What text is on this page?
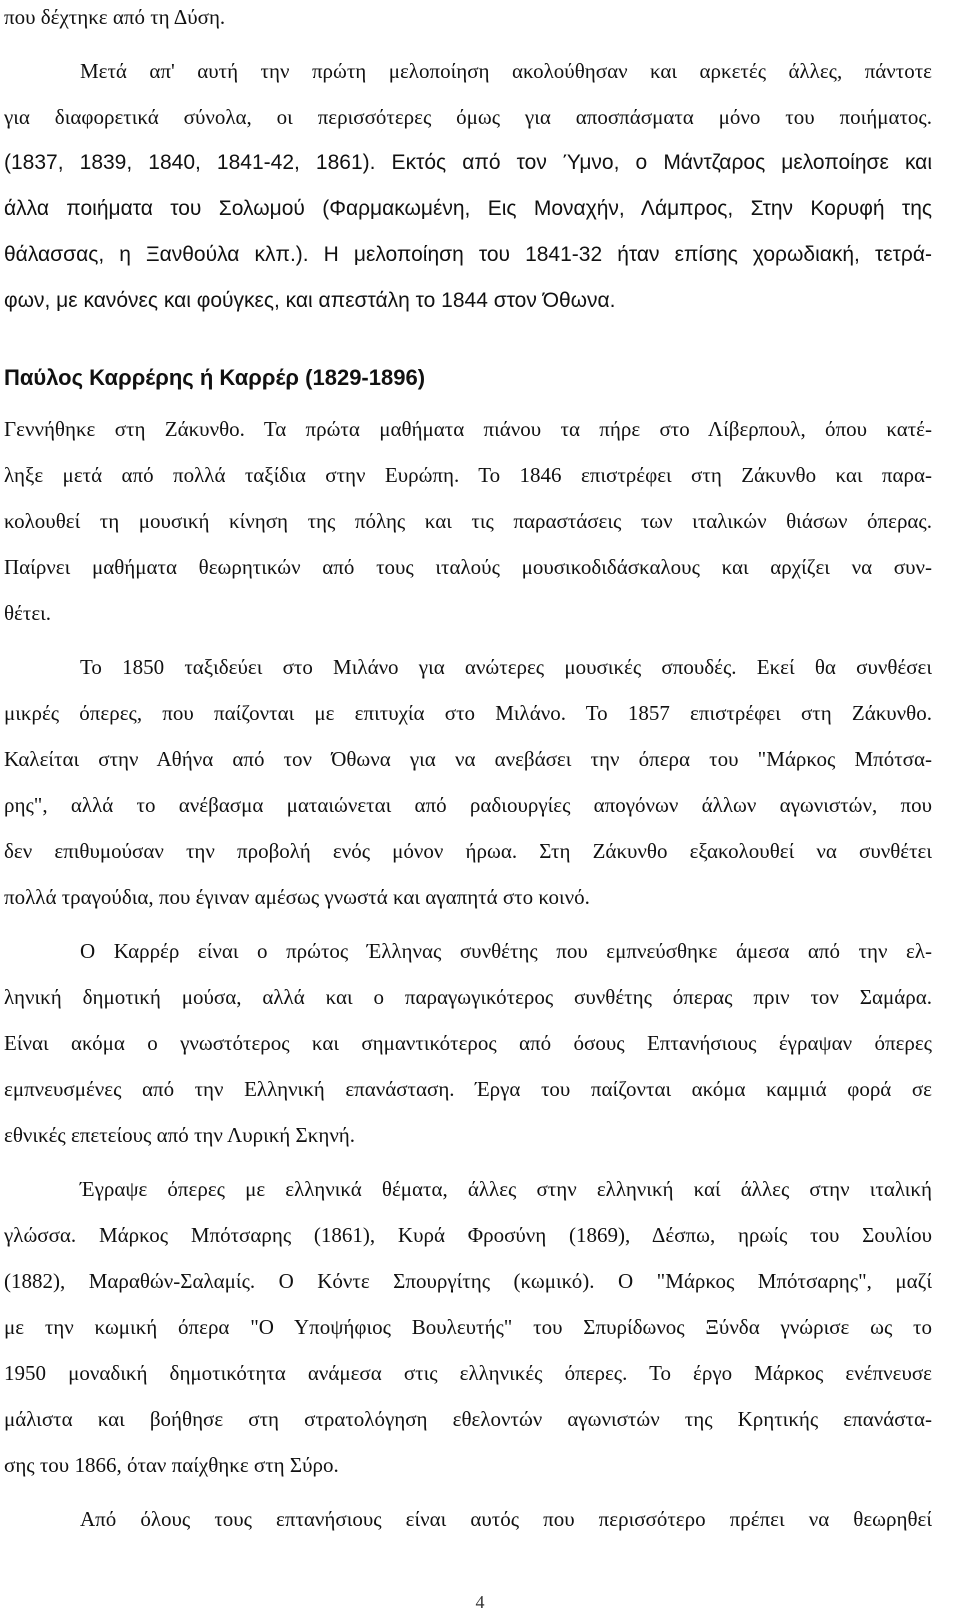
που δέχτηκε από τη Δύση.
Μετά απ' αυτή την πρώτη μελοποίηση ακολούθησαν και αρκετές άλλες, πάντοτε
για διαφορετικά σύνολα, οι περισσότερες όμως για αποσπάσματα μόνο του ποιήματος.
(1837, 1839, 1840, 1841-42, 1861). Εκτός από τον Ύμνο, ο Μάντζαρος μελοποίησε και
άλλα ποιήματα του Σολωμού (Φαρμακωμένη, Εις Μοναχήν, Λάμπρος, Στην Κορυφή της
θάλασσας, η Ξανθούλα κλπ.). Η μελοποίηση του 1841-32 ήταν επίσης χορωδιακή, τετρά-
φων, με κανόνες και φούγκες, και απεστάλη το 1844 στον Όθωνα.
Παύλος Καρρέρης ή Καρρέρ (1829-1896)
Γεννήθηκε στη Ζάκυνθο. Τα πρώτα μαθήματα πιάνου τα πήρε στο Λίβερπουλ, όπου κατέ-
ληξε μετά από πολλά ταξίδια στην Ευρώπη. Το 1846 επιστρέφει στη Ζάκυνθο και παρα-
κολουθεί τη μουσική κίνηση της πόλης και τις παραστάσεις των ιταλικών θιάσων όπερας.
Παίρνει μαθήματα θεωρητικών από τους ιταλούς μουσικοδιδάσκαλους και αρχίζει να συν-
θέτει.
Το 1850 ταξιδεύει στο Μιλάνο για ανώτερες μουσικές σπουδές. Εκεί θα συνθέσει
μικρές όπερες, που παίζονται με επιτυχία στο Μιλάνο. Το 1857 επιστρέφει στη Ζάκυνθο.
Καλείται στην Αθήνα από τον Όθωνα για να ανεβάσει την όπερα του "Μάρκος Μπότσα-
ρης", αλλά το ανέβασμα ματαιώνεται από ραδιουργίες απογόνων άλλων αγωνιστών, που
δεν επιθυμούσαν την προβολή ενός μόνον ήρωα. Στη Ζάκυνθο εξακολουθεί να συνθέτει
πολλά τραγούδια, που έγιναν αμέσως γνωστά και αγαπητά στο κοινό.
Ο Καρρέρ είναι ο πρώτος Έλληνας συνθέτης που εμπνεύσθηκε άμεσα από την ελ-
ληνική δημοτική μούσα, αλλά και ο παραγωγικότερος συνθέτης όπερας πριν τον Σαμάρα.
Είναι ακόμα ο γνωστότερος και σημαντικότερος από όσους Επτανήσιους έγραψαν όπερες
εμπνευσμένες από την Ελληνική επανάσταση. Έργα του παίζονται ακόμα καμμιά φορά σε
εθνικές επετείους από την Λυρική Σκηνή.
Έγραψε όπερες με ελληνικά θέματα, άλλες στην ελληνική καί άλλες στην ιταλική
γλώσσα. Μάρκος Μπότσαρης (1861), Κυρά Φροσύνη (1869), Δέσπω, ηρωίς του Σουλίου
(1882), Μαραθών-Σαλαμίς. Ο Κόντε Σπουργίτης (κωμικό). Ο "Μάρκος Μπότσαρης", μαζί
με την κωμική όπερα "Ο Υποψήφιος Βουλευτής" του Σπυρίδωνος Ξύνδα γνώρισε ως το
1950 μοναδική δημοτικότητα ανάμεσα στις ελληνικές όπερες. Το έργο Μάρκος ενέπνευσε
μάλιστα και βοήθησε στη στρατολόγηση εθελοντών αγωνιστών της Κρητικής επανάστα-
σης του 1866, όταν παίχθηκε στη Σύρο.
Από όλους τους επτανήσιους είναι αυτός που περισσότερο πρέπει να θεωρηθεί
4
